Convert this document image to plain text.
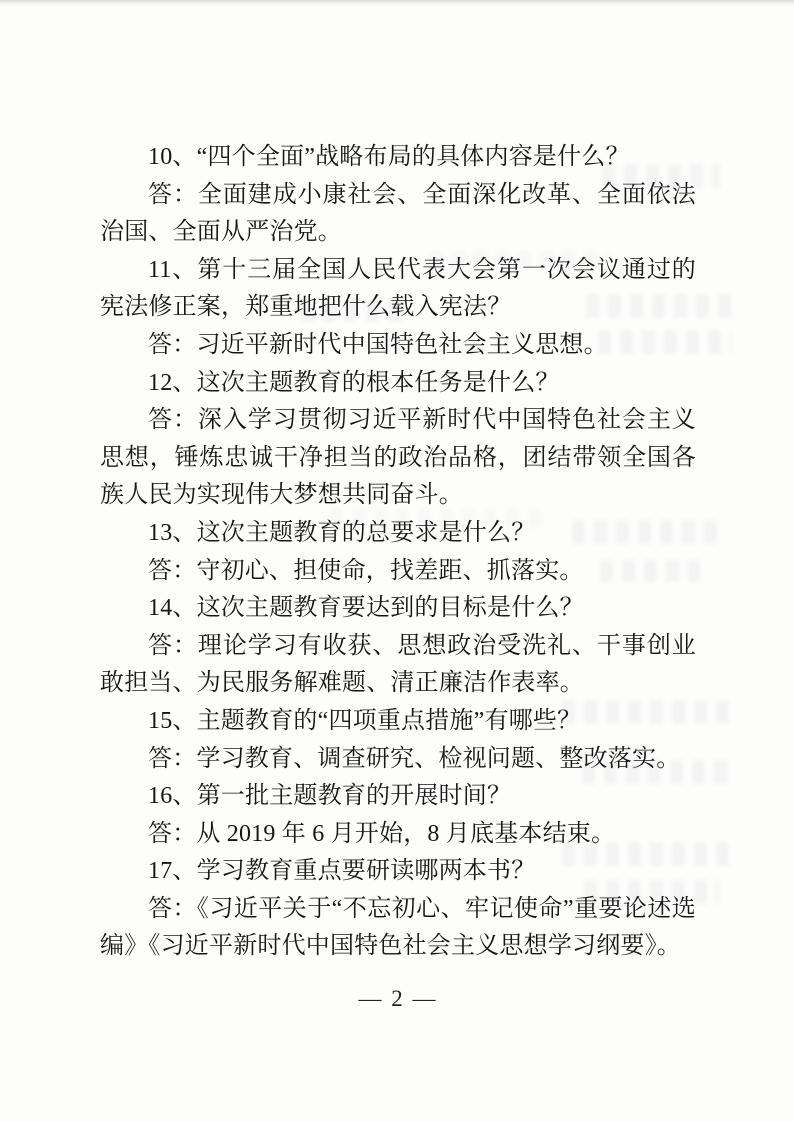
10、“四个全面”战略布局的具体内容是什么？

答：全面建成小康社会、全面深化改革、全面依法治国、全面从严治党。

11、第十三届全国人民代表大会第一次会议通过的宪法修正案，郑重地把什么载入宪法？

答：习近平新时代中国特色社会主义思想。

12、这次主题教育的根本任务是什么？

答：深入学习贯彻习近平新时代中国特色社会主义思想，锤炼忠诚干净担当的政治品格，团结带领全国各族人民为实现伟大梦想共同奋斗。

13、这次主题教育的总要求是什么？

答：守初心、担使命，找差距、抓落实。

14、这次主题教育要达到的目标是什么？

答：理论学习有收获、思想政治受洗礼、干事创业敢担当、为民服务解难题、清正廉洁作表率。

15、主题教育的“四项重点措施”有哪些？

答：学习教育、调查研究、检视问题、整改落实。

16、第一批主题教育的开展时间？

答：从 2019 年 6 月开始，8 月底基本结束。

17、学习教育重点要研读哪两本书？

答：《习近平关于“不忘初心、牢记使命”重要论述选编》《习近平新时代中国特色社会主义思想学习纲要》。

— 2 —
